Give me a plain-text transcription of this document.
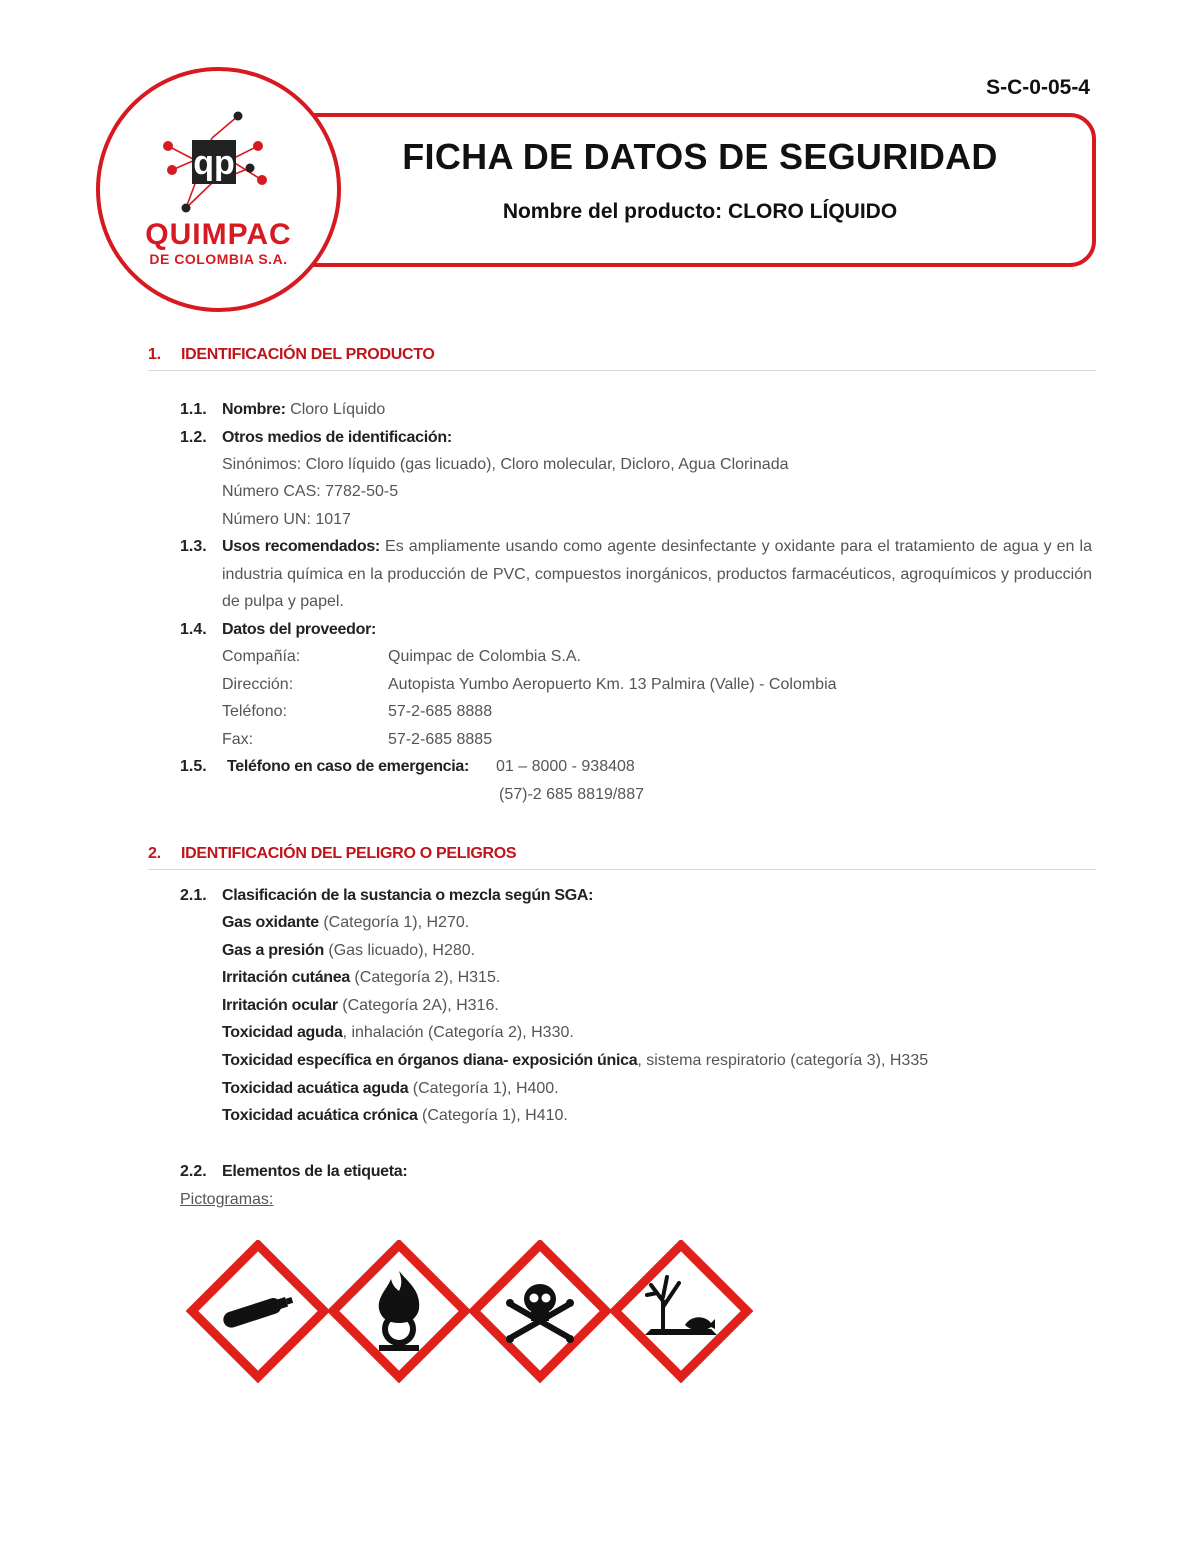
S-C-0-05-4
FICHA DE DATOS DE SEGURIDAD
Nombre del producto: CLORO LÍQUIDO
qp
QUIMPAC
DE COLOMBIA S.A.
1. IDENTIFICACIÓN DEL PRODUCTO
1.1. Nombre: Cloro Líquido
1.2. Otros medios de identificación:
Sinónimos: Cloro líquido (gas licuado), Cloro molecular, Dicloro, Agua Clorinada
Número CAS: 7782-50-5
Número UN: 1017
1.3. Usos recomendados: Es ampliamente usando como agente desinfectante y oxidante para el tratamiento de agua y en la industria química en la producción de PVC, compuestos inorgánicos, productos farmacéuticos, agroquímicos y producción de pulpa y papel.
1.4. Datos del proveedor:
Compañía:	Quimpac de Colombia S.A.
Dirección:	Autopista Yumbo Aeropuerto Km. 13 Palmira (Valle) - Colombia
Teléfono:	57-2-685 8888
Fax:	57-2-685 8885
1.5. Teléfono en caso de emergencia: 01 – 8000 - 938408
(57)-2 685 8819/887
2. IDENTIFICACIÓN DEL PELIGRO O PELIGROS
2.1. Clasificación de la sustancia o mezcla según SGA:
Gas oxidante (Categoría 1), H270.
Gas a presión (Gas licuado), H280.
Irritación cutánea (Categoría 2), H315.
Irritación ocular (Categoría 2A), H316.
Toxicidad aguda, inhalación (Categoría 2), H330.
Toxicidad específica en órganos diana- exposición única, sistema respiratorio (categoría 3), H335
Toxicidad acuática aguda (Categoría 1), H400.
Toxicidad acuática crónica (Categoría 1), H410.
2.2. Elementos de la etiqueta:
Pictogramas:
